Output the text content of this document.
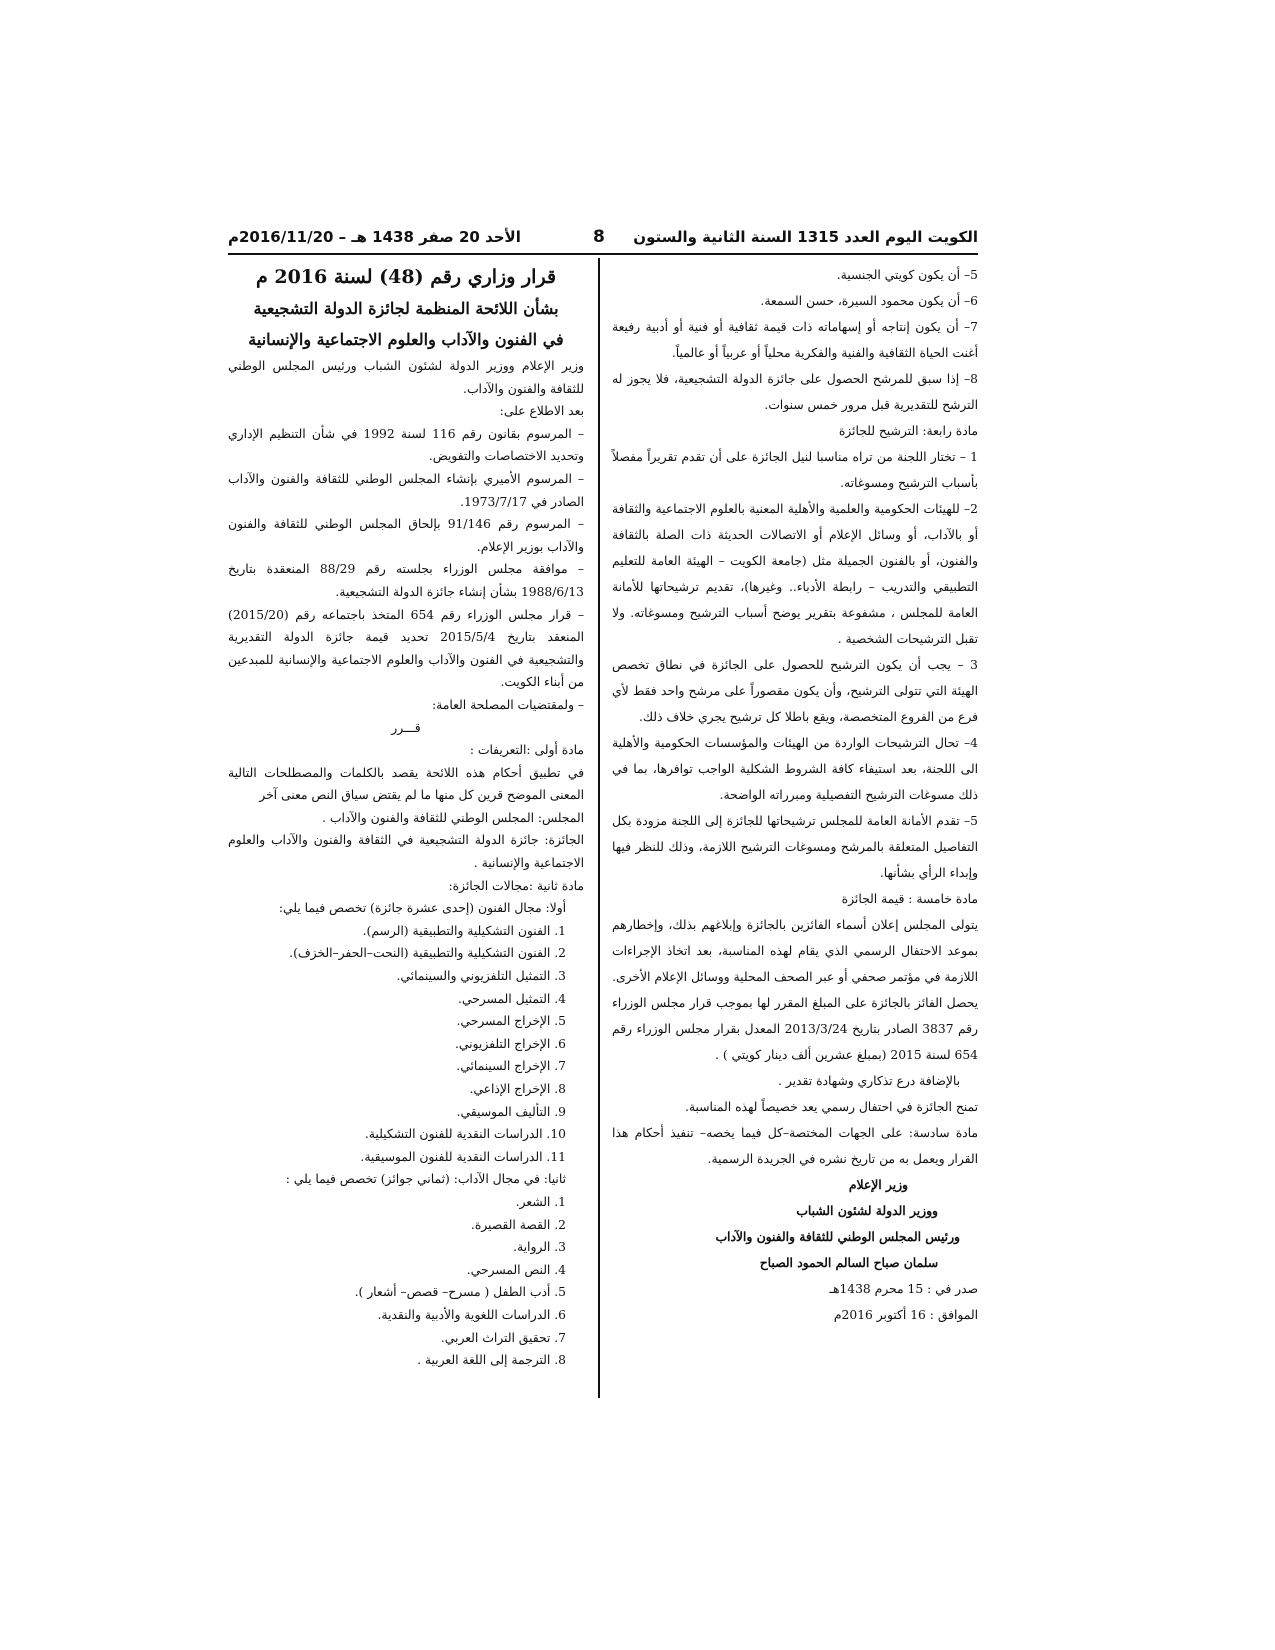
الكويت اليوم العدد 1315 السنة الثانية والستون
8
الأحد 20 صفر 1438 هـ – 2016/11/20م

5– أن يكون كويتي الجنسية.

6– أن يكون محمود السيرة، حسن السمعة.

7– أن يكون إنتاجه أو إسهاماته ذات قيمة ثقافية أو فنية أو أدبية رفيعة أغنت الحياة الثقافية والفنية والفكرية محلياً أو عربياً أو عالمياً.

8– إذا سبق للمرشح الحصول على جائزة الدولة التشجيعية، فلا يجوز له الترشح للتقديرية قبل مرور خمس سنوات.

مادة رابعة: الترشيح للجائزة

1 – تختار اللجنة من تراه مناسبا لنيل الجائزة على أن تقدم تقريراً مفصلاً بأسباب الترشيح ومسوغاته.

2– للهيئات الحكومية والعلمية والأهلية المعنية بالعلوم الاجتماعية والثقافة أو بالآداب، أو وسائل الإعلام أو الاتصالات الحديثة ذات الصلة بالثقافة والفنون، أو بالفنون الجميلة مثل (جامعة الكويت – الهيئة العامة للتعليم التطبيقي والتدريب – رابطة الأدباء.. وغيرها)، تقديم ترشيحاتها للأمانة العامة للمجلس ، مشفوعة بتقرير يوضح أسباب الترشيح ومسوغاته. ولا تقبل الترشيحات الشخصية .

3 – يجب أن يكون الترشيح للحصول على الجائزة في نطاق تخصص الهيئة التي تتولى الترشيح، وأن يكون مقصوراً على مرشح واحد فقط لأي فرع من الفروع المتخصصة، ويقع باطلا كل ترشيح يجري خلاف ذلك.

4– تحال الترشيحات الواردة من الهيئات والمؤسسات الحكومية والأهلية الى اللجنة، بعد استيفاء كافة الشروط الشكلية الواجب توافرها، بما في ذلك مسوغات الترشيح التفصيلية ومبرراته الواضحة.

5– تقدم الأمانة العامة للمجلس ترشيحاتها للجائزة إلى اللجنة مزودة بكل التفاصيل المتعلقة بالمرشح ومسوغات الترشيح اللازمة، وذلك للنظر فيها وإبداء الرأي بشأنها.

مادة خامسة : قيمة الجائزة

يتولى المجلس إعلان أسماء الفائزين بالجائزة وإبلاغهم بذلك، وإخطارهم بموعد الاحتفال الرسمي الذي يقام لهذه المناسبة، بعد اتخاذ الإجراءات اللازمة في مؤتمر صحفي أو عبر الصحف المحلية ووسائل الإعلام الأخرى.

يحصل الفائز بالجائزة على المبلغ المقرر لها بموجب قرار مجلس الوزراء رقم 3837 الصادر بتاريخ 2013/3/24 المعدل بقرار مجلس الوزراء رقم 654 لسنة 2015 (بمبلغ عشرين ألف دينار كويتي ) .

بالإضافة درع تذكاري وشهادة تقدير .

تمنح الجائزة في احتفال رسمي يعد خصيصاً لهذه المناسبة.

مادة سادسة: على الجهات المختصة–كل فيما يخصه– تنفيذ أحكام هذا القرار ويعمل به من تاريخ نشره في الجريدة الرسمية.

وزير الإعلام

ووزير الدولة لشئون الشباب

ورئيس المجلس الوطني للثقافة والفنون والآداب

سلمان صباح السالم الحمود الصباح

صدر في : 15 محرم 1438هـ

الموافق : 16 أكتوبر 2016م

قرار وزاري رقم (48) لسنة 2016 م

بشأن اللائحة المنظمة لجائزة الدولة التشجيعية

في الفنون والآداب والعلوم الاجتماعية والإنسانية

وزير الإعلام ووزير الدولة لشئون الشباب ورئيس المجلس الوطني للثقافة والفنون والآداب.

بعد الاطلاع على:

– المرسوم بقانون رقم 116 لسنة 1992 في شأن التنظيم الإداري وتحديد الاختصاصات والتفويض.

– المرسوم الأميري بإنشاء المجلس الوطني للثقافة والفنون والآداب الصادر في 1973/7/17.

– المرسوم رقم 91/146 بإلحاق المجلس الوطني للثقافة والفنون والآداب بوزير الإعلام.

– موافقة مجلس الوزراء بجلسته رقم 88/29 المنعقدة بتاريخ 1988/6/13 بشأن إنشاء جائزة الدولة التشجيعية.

– قرار مجلس الوزراء رقم 654 المتخذ باجتماعه رقم (2015/20) المنعقد بتاريخ 2015/5/4 تحديد قيمة جائزة الدولة التقديرية والتشجيعية في الفنون والآداب والعلوم الاجتماعية والإنسانية للمبدعين من أبناء الكويت.

– ولمقتضيات المصلحة العامة:

قـــرر

مادة أولى :التعريفات :

في تطبيق أحكام هذه اللائحة يقصد بالكلمات والمصطلحات التالية المعنى الموضح قرين كل منها ما لم يقتض سياق النص معنى آخر

المجلس: المجلس الوطني للثقافة والفنون والآداب .

الجائزة: جائزة الدولة التشجيعية في الثقافة والفنون والآداب والعلوم الاجتماعية والإنسانية .

مادة ثانية :مجالات الجائزة:

أولا: مجال الفنون (إحدى عشرة جائزة) تخصص فيما يلي:

1. الفنون التشكيلية والتطبيقية (الرسم).

2. الفنون التشكيلية والتطبيقية (النحت–الحفر–الخزف).

3. التمثيل التلفزيوني والسينمائي.

4. التمثيل المسرحي.

5. الإخراج المسرحي.

6. الإخراج التلفزيوني.

7. الإخراج السينمائي.

8. الإخراج الإذاعي.

9. التأليف الموسيقي.

10. الدراسات النقدية للفنون التشكيلية.

11. الدراسات النقدية للفنون الموسيقية.

ثانيا: في مجال الآداب: (ثماني جوائز) تخصص فيما يلي :

1. الشعر.

2. القصة القصيرة.

3. الرواية.

4. النص المسرحي.

5. أدب الطفل ( مسرح– قصص– أشعار ).

6. الدراسات اللغوية والأدبية والنقدية.

7. تحقيق التراث العربي.

8. الترجمة إلى اللغة العربية .
